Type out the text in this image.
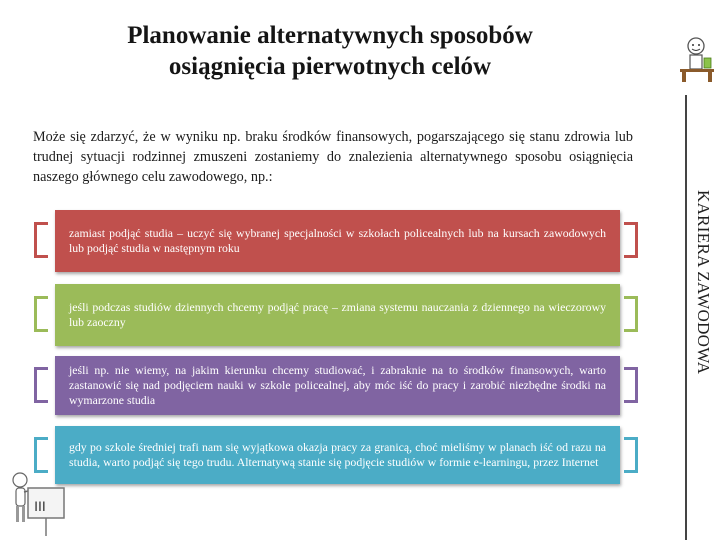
Planowanie alternatywnych sposobów
osiągnięcia pierwotnych celów
KARIERA ZAWODOWA
Może się zdarzyć, że w wyniku np. braku środków finansowych, pogarszającego się stanu zdrowia lub trudnej sytuacji rodzinnej zmuszeni zostaniemy do znalezienia alternatywnego sposobu osiągnięcia naszego głównego celu zawodowego, np.:
zamiast podjąć studia – uczyć się wybranej specjalności w szkołach policealnych lub na kursach zawodowych lub podjąć studia w następnym roku
jeśli podczas studiów dziennych chcemy podjąć pracę – zmiana systemu nauczania z dziennego na wieczorowy lub zaoczny
jeśli np. nie wiemy, na jakim kierunku chcemy studiować, i zabraknie na to środków finansowych, warto zastanowić się nad podjęciem nauki w szkole policealnej, aby móc iść do pracy i zarobić niezbędne środki na wymarzone studia
gdy po szkole średniej trafi nam się wyjątkowa okazja pracy za granicą, choć mieliśmy w planach iść od razu na studia, warto podjąć się tego trudu. Alternatywą stanie się podjęcie studiów w formie e-learningu, przez Internet
III
